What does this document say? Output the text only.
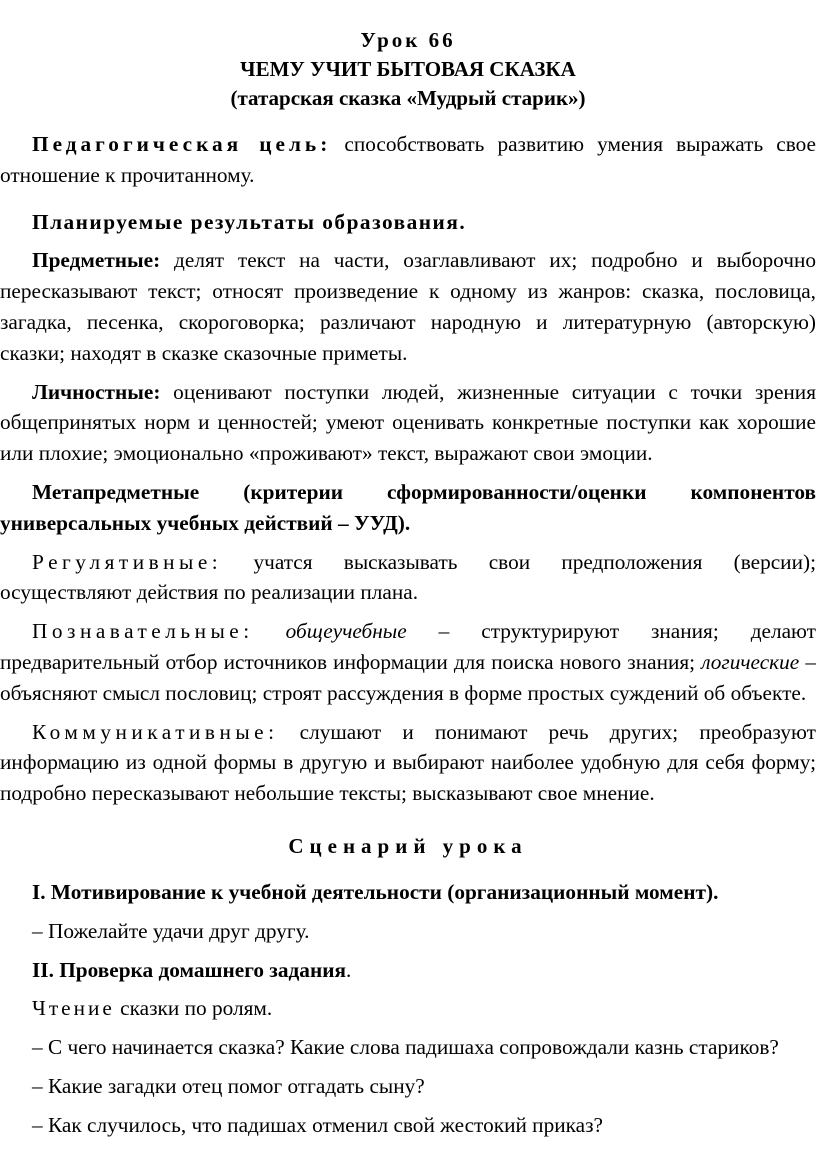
Урок 66

ЧЕМУ УЧИТ БЫТОВАЯ СКАЗКА

(татарская сказка «Мудрый старик»)

Педагогическая цель: способствовать развитию умения выражать свое отношение к прочитанному.

Планируемые результаты образования.

Предметные: делят текст на части, озаглавливают их; подробно и выборочно пересказывают текст; относят произведение к одному из жанров: сказка, пословица, загадка, песенка, скороговорка; различают народную и литературную (авторскую) сказки; находят в сказке сказочные приметы.

Личностные: оценивают поступки людей, жизненные ситуации с точки зрения общепринятых норм и ценностей; умеют оценивать конкретные поступки как хорошие или плохие; эмоционально «проживают» текст, выражают свои эмоции.

Метапредметные (критерии сформированности/оценки компонентов универсальных учебных действий – УУД).

Регулятивные: учатся высказывать свои предположения (версии); осуществляют действия по реализации плана.

Познавательные: общеучебные – структурируют знания; делают предварительный отбор источников информации для поиска нового знания; логические – объясняют смысл пословиц; строят рассуждения в форме простых суждений об объекте.

Коммуникативные: слушают и понимают речь других; преобразуют информацию из одной формы в другую и выбирают наиболее удобную для себя форму; подробно пересказывают небольшие тексты; высказывают свое мнение.

Сценарий урока

I. Мотивирование к учебной деятельности (организационный момент).

– Пожелайте удачи друг другу.

II. Проверка домашнего задания.

Чтение сказки по ролям.

– С чего начинается сказка? Какие слова падишаха сопровождали казнь стариков?

– Какие загадки отец помог отгадать сыну?

– Как случилось, что падишах отменил свой жестокий приказ?
